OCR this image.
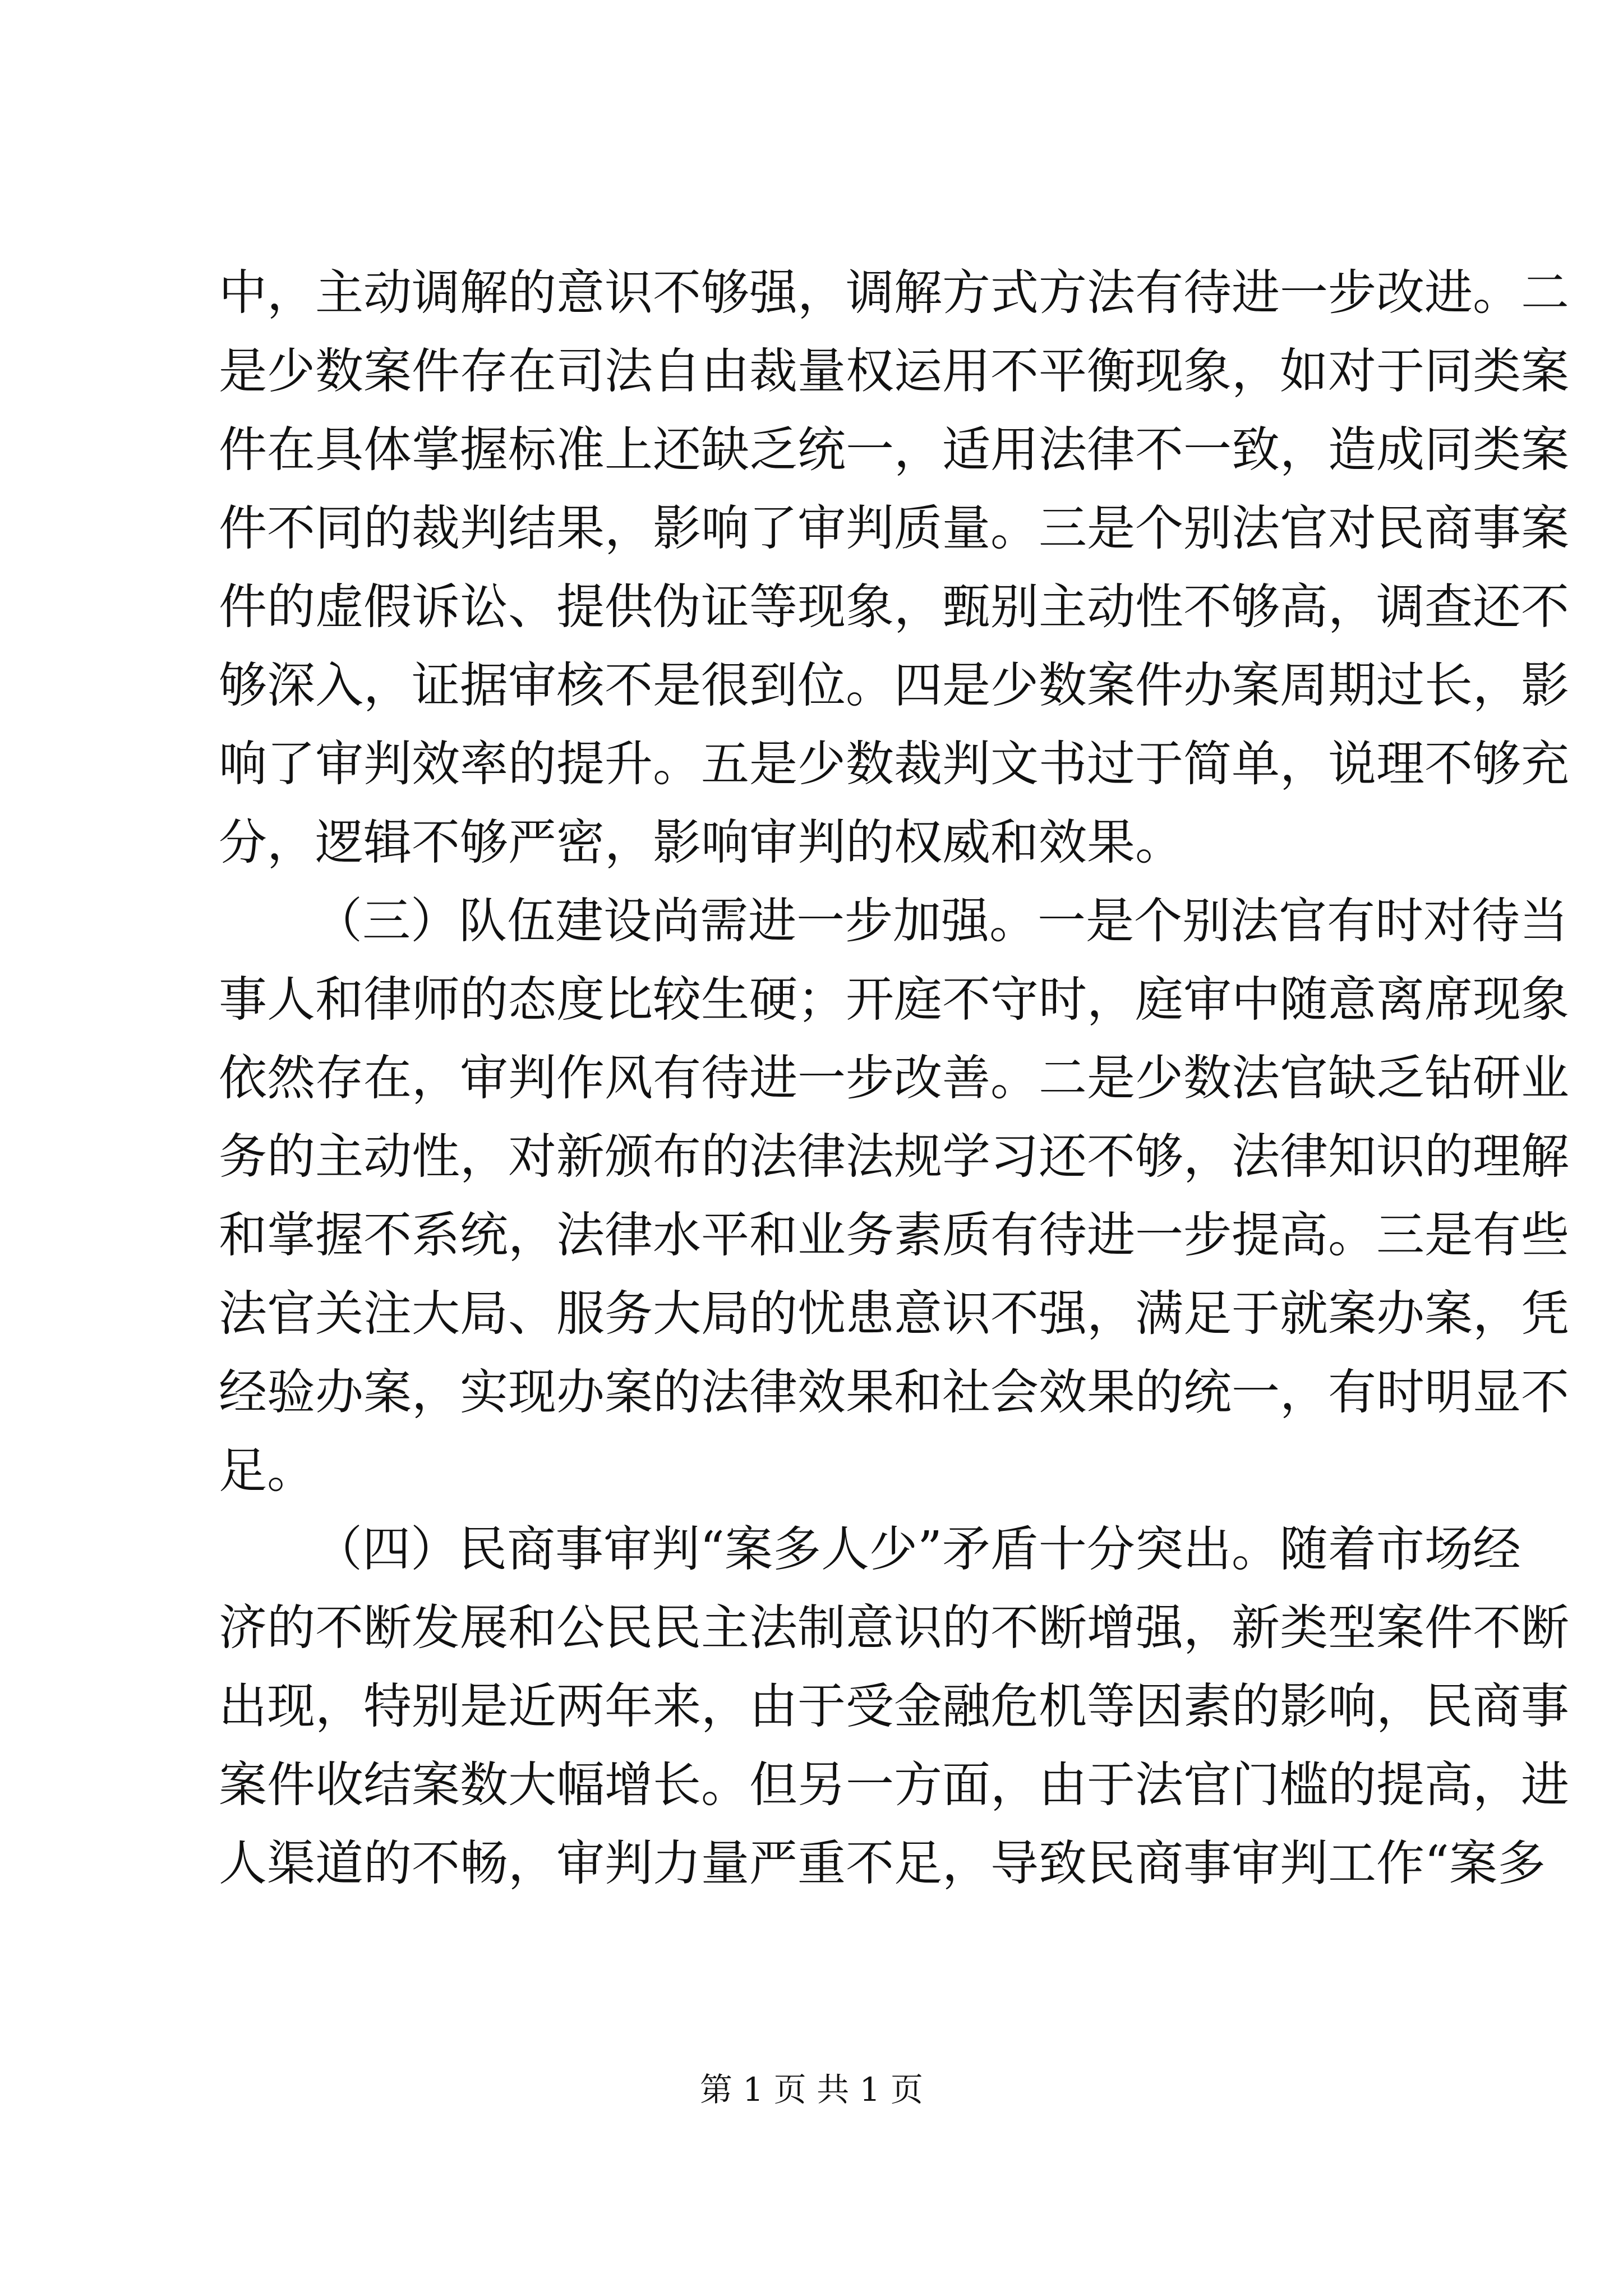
中，主动调解的意识不够强，调解方式方法有待进一步改进。二
是少数案件存在司法自由裁量权运用不平衡现象，如对于同类案
件在具体掌握标准上还缺乏统一，适用法律不一致，造成同类案
件不同的裁判结果，影响了审判质量。三是个别法官对民商事案
件的虚假诉讼、提供伪证等现象，甄别主动性不够高，调查还不
够深入，证据审核不是很到位。四是少数案件办案周期过长，影
响了审判效率的提升。五是少数裁判文书过于简单，说理不够充
分，逻辑不够严密，影响审判的权威和效果。
（三）队伍建设尚需进一步加强。一是个别法官有时对待当
事人和律师的态度比较生硬；开庭不守时，庭审中随意离席现象
依然存在，审判作风有待进一步改善。二是少数法官缺乏钻研业
务的主动性，对新颁布的法律法规学习还不够，法律知识的理解
和掌握不系统，法律水平和业务素质有待进一步提高。三是有些
法官关注大局、服务大局的忧患意识不强，满足于就案办案，凭
经验办案，实现办案的法律效果和社会效果的统一，有时明显不
足。
（四）民商事审判“案多人少”矛盾十分突出。随着市场经
济的不断发展和公民民主法制意识的不断增强，新类型案件不断
出现，特别是近两年来，由于受金融危机等因素的影响，民商事
案件收结案数大幅增长。但另一方面，由于法官门槛的提高，进
人渠道的不畅，审判力量严重不足，导致民商事审判工作“案多
第 1 页 共 1 页
